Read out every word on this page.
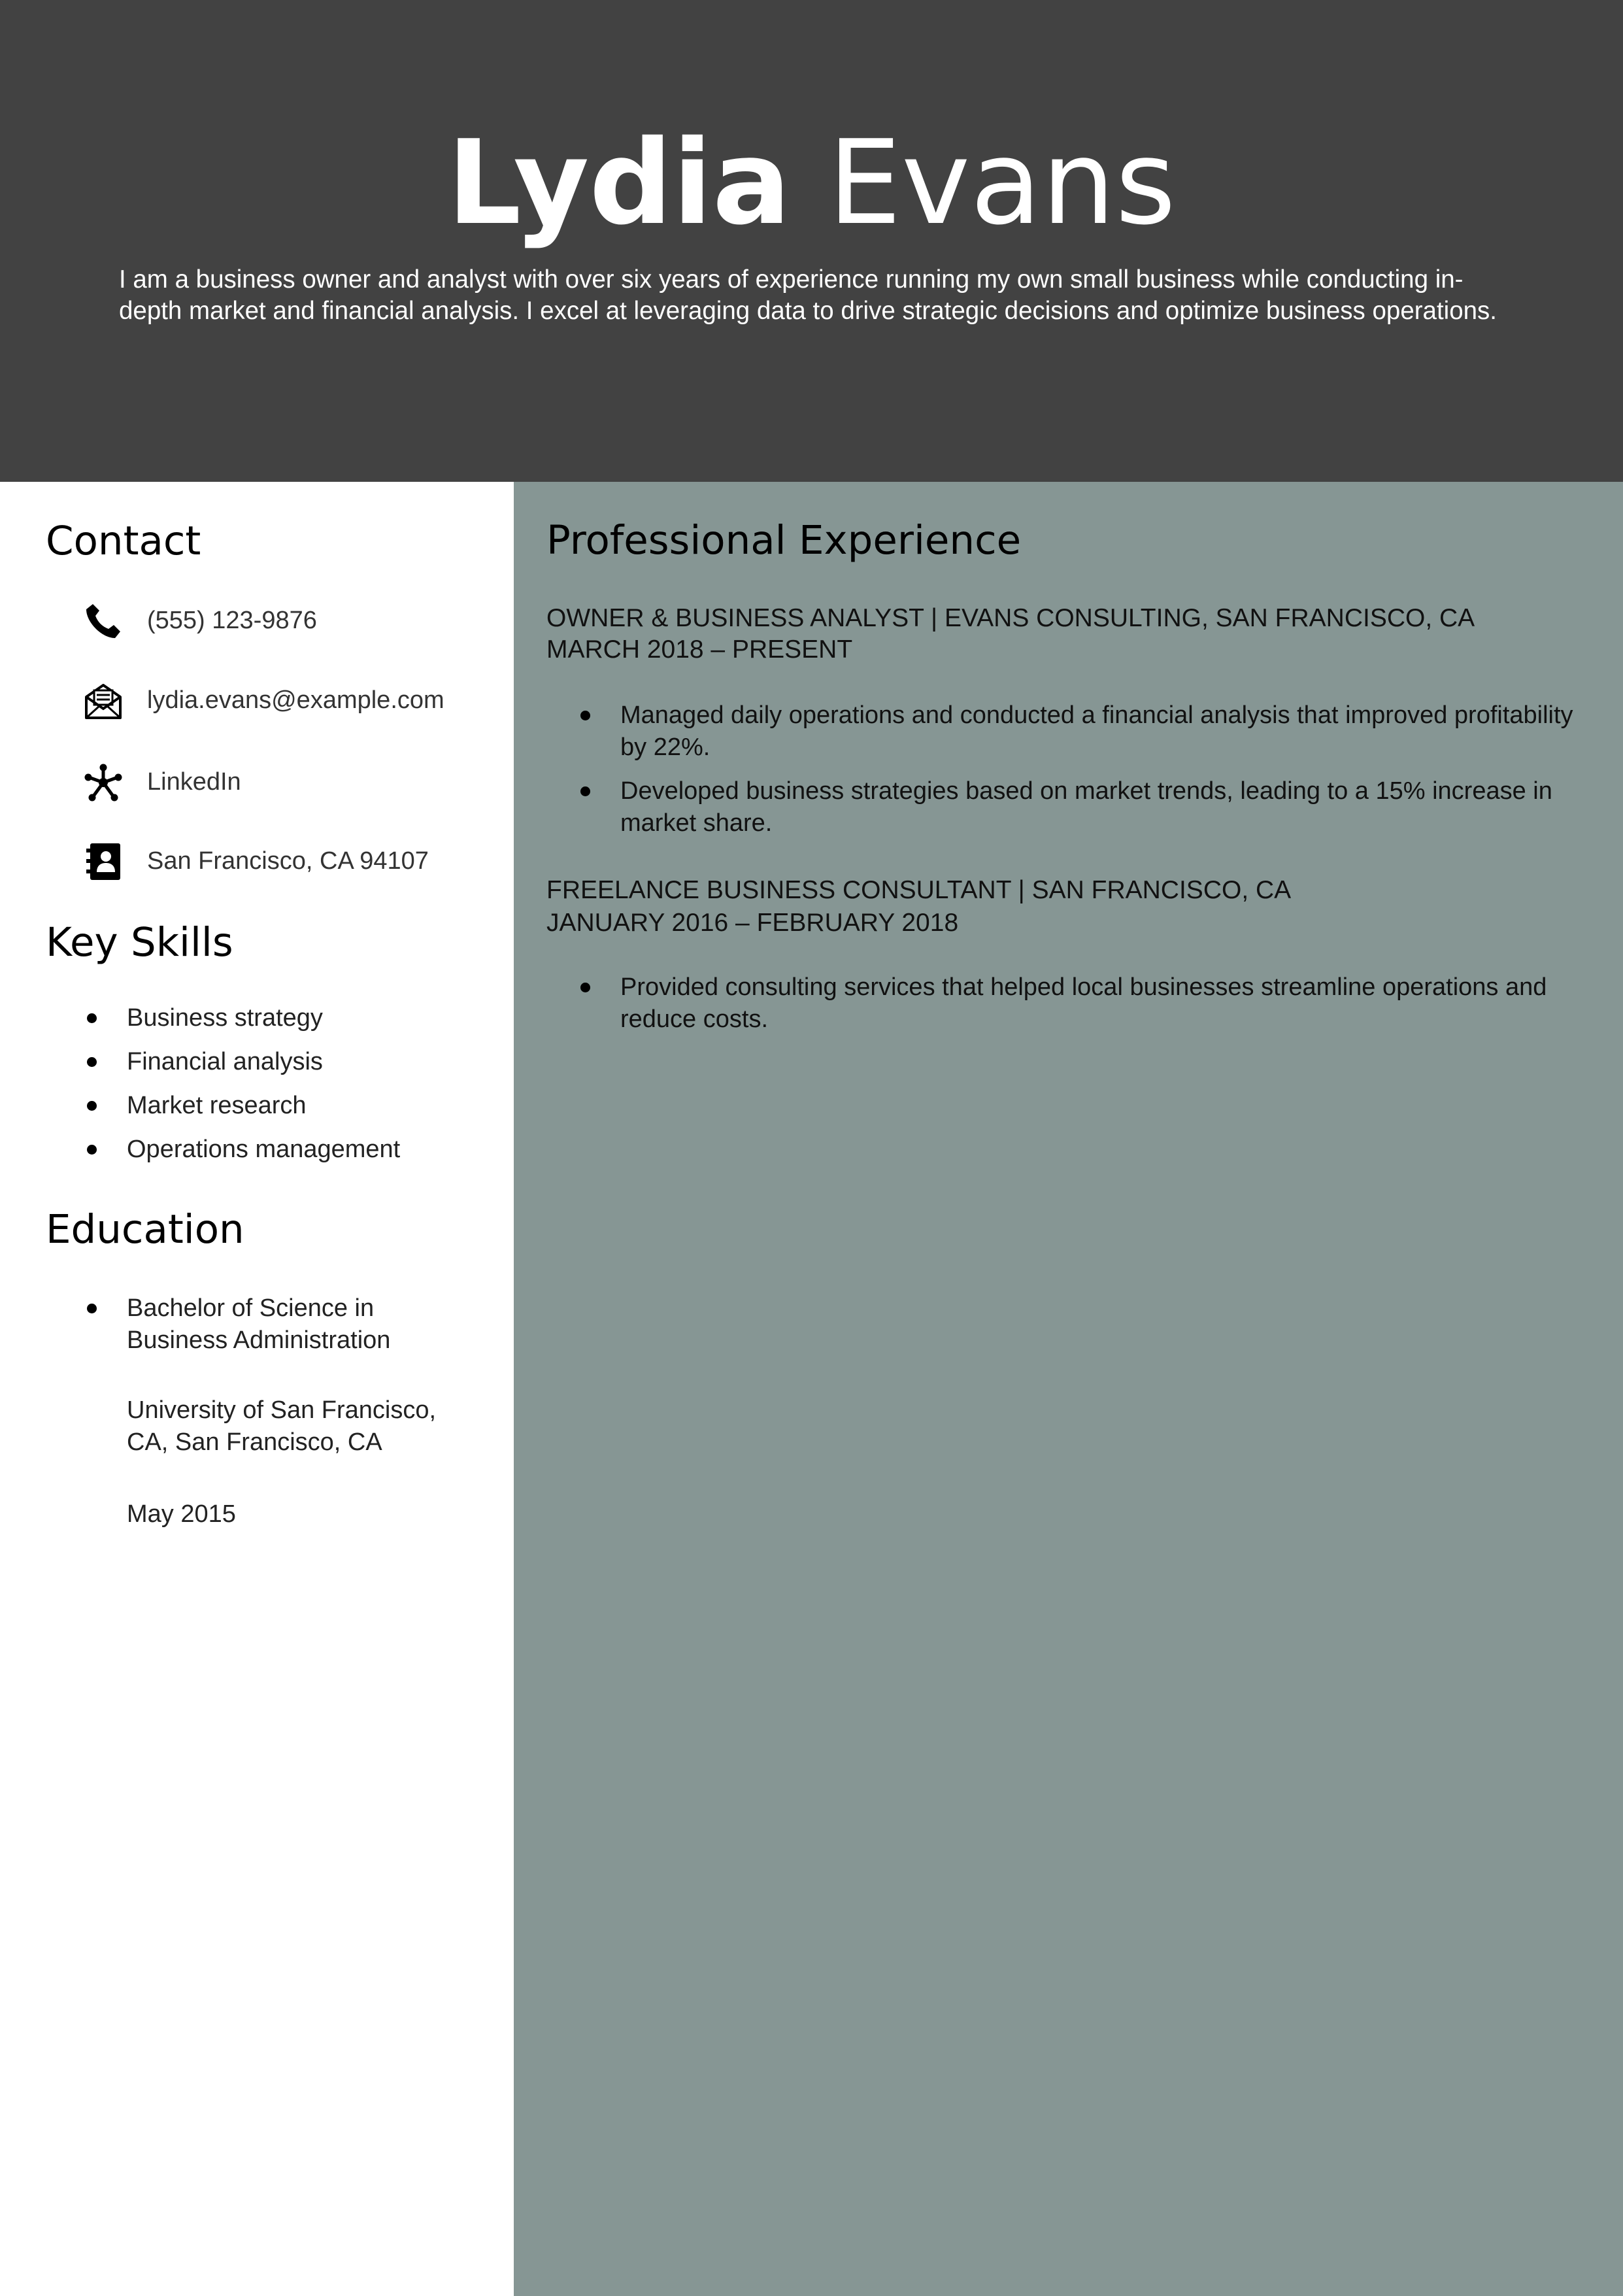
Lydia Evans
I am a business owner and analyst with over six years of experience running my own small business while conducting in-depth market and financial analysis. I excel at leveraging data to drive strategic decisions and optimize business operations.
Contact
(555) 123-9876
lydia.evans@example.com
LinkedIn
San Francisco, CA 94107
Key Skills
Business strategy
Financial analysis
Market research
Operations management
Education
Bachelor of Science in Business Administration
University of San Francisco, CA, San Francisco, CA
May 2015
Professional Experience
OWNER & BUSINESS ANALYST | EVANS CONSULTING, SAN FRANCISCO, CA
MARCH 2018 – PRESENT
Managed daily operations and conducted a financial analysis that improved profitability by 22%.
Developed business strategies based on market trends, leading to a 15% increase in market share.
FREELANCE BUSINESS CONSULTANT | SAN FRANCISCO, CA
JANUARY 2016 – FEBRUARY 2018
Provided consulting services that helped local businesses streamline operations and reduce costs.
